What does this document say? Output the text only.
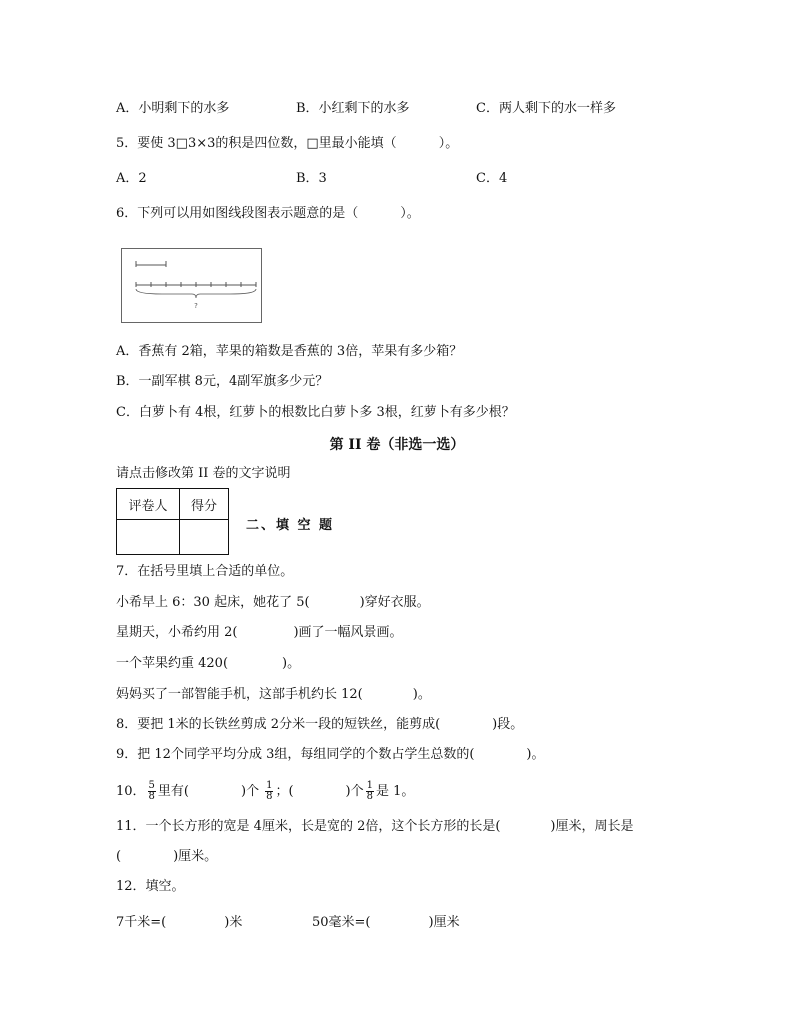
A．小明剩下的水多	B．小红剩下的水多	C．两人剩下的水一样多
5．要使 3□3×3的积是四位数，□里最小能填（	）。
A．2	B．3	C．4
6．下列可以用如图线段图表示题意的是（	）。
?
A．香蕉有 2箱，苹果的箱数是香蕉的 3倍，苹果有多少箱？
B．一副军棋 8元，4副军旗多少元？
C．白萝卜有 4根，红萝卜的根数比白萝卜多 3根，红萝卜有多少根？
第 II 卷（非选一选）
请点击修改第 II 卷的文字说明
评卷人	得分

二、填 空 题
7．在括号里填上合适的单位。
小希早上 6：30 起床，她花了 5(	)穿好衣服。
星期天，小希约用 2(	)画了一幅风景画。
一个苹果约重 420(	)。
妈妈买了一部智能手机，这部手机约长 12(	)。
8．要把 1米的长铁丝剪成 2分米一段的短铁丝，能剪成(	)段。
9．把 12个同学平均分成 3组，每组同学的个数占学生总数的(	)。
10． $\frac{5}{8}$ 里有(	)个 $\frac{1}{8}$ ；(	)个 $\frac{1}{8}$ 是 1。
11．一个长方形的宽是 4厘米，长是宽的 2倍，这个长方形的长是(	)厘米，周长是
(	)厘米。
12．填空。
7千米=(	)米	50毫米=(	)厘米
